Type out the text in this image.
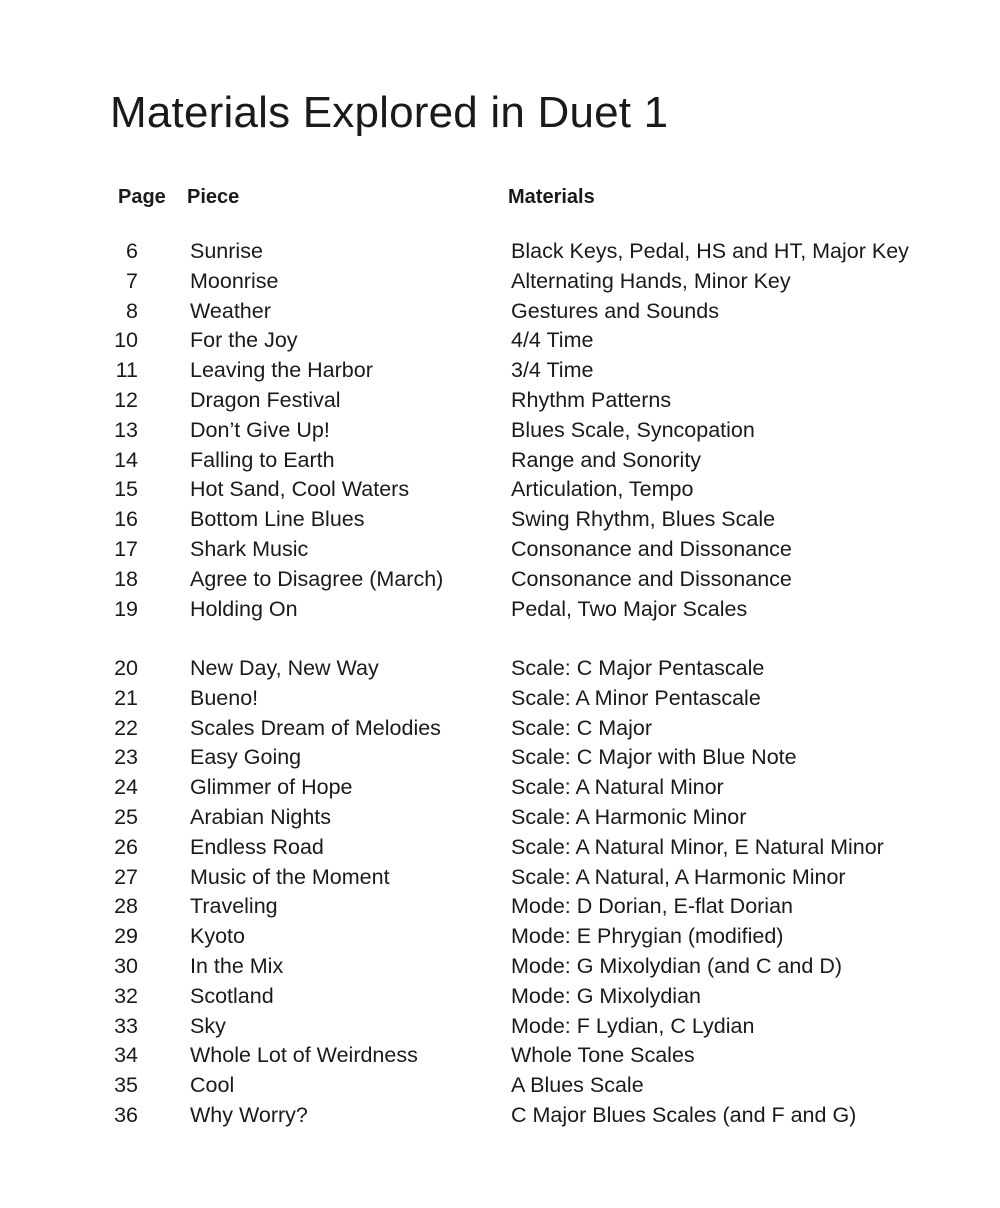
Materials Explored in Duet 1
Page Piece	Materials
6 Sunrise	Black Keys, Pedal, HS and HT, Major Key
7 Moonrise	Alternating Hands, Minor Key
8 Weather	Gestures and Sounds
10 For the Joy	4/4 Time
11 Leaving the Harbor	3/4 Time
12 Dragon Festival	Rhythm Patterns
13 Don’t Give Up!	Blues Scale, Syncopation
14 Falling to Earth	Range and Sonority
15 Hot Sand, Cool Waters	Articulation, Tempo
16 Bottom Line Blues	Swing Rhythm, Blues Scale
17 Shark Music	Consonance and Dissonance
18 Agree to Disagree (March)	Consonance and Dissonance
19 Holding On	Pedal, Two Major Scales
20 New Day, New Way	Scale: C Major Pentascale
21 Bueno!	Scale: A Minor Pentascale
22 Scales Dream of Melodies	Scale: C Major
23 Easy Going	Scale: C Major with Blue Note
24 Glimmer of Hope	Scale: A Natural Minor
25 Arabian Nights	Scale: A Harmonic Minor
26 Endless Road	Scale: A Natural Minor, E Natural Minor
27 Music of the Moment	Scale: A Natural, A Harmonic Minor
28 Traveling	Mode: D Dorian, E-flat Dorian
29 Kyoto	Mode: E Phrygian (modified)
30 In the Mix	Mode: G Mixolydian (and C and D)
32 Scotland	Mode: G Mixolydian
33 Sky	Mode: F Lydian, C Lydian
34 Whole Lot of Weirdness	Whole Tone Scales
35 Cool	A Blues Scale
36 Why Worry?	C Major Blues Scales (and F and G)
